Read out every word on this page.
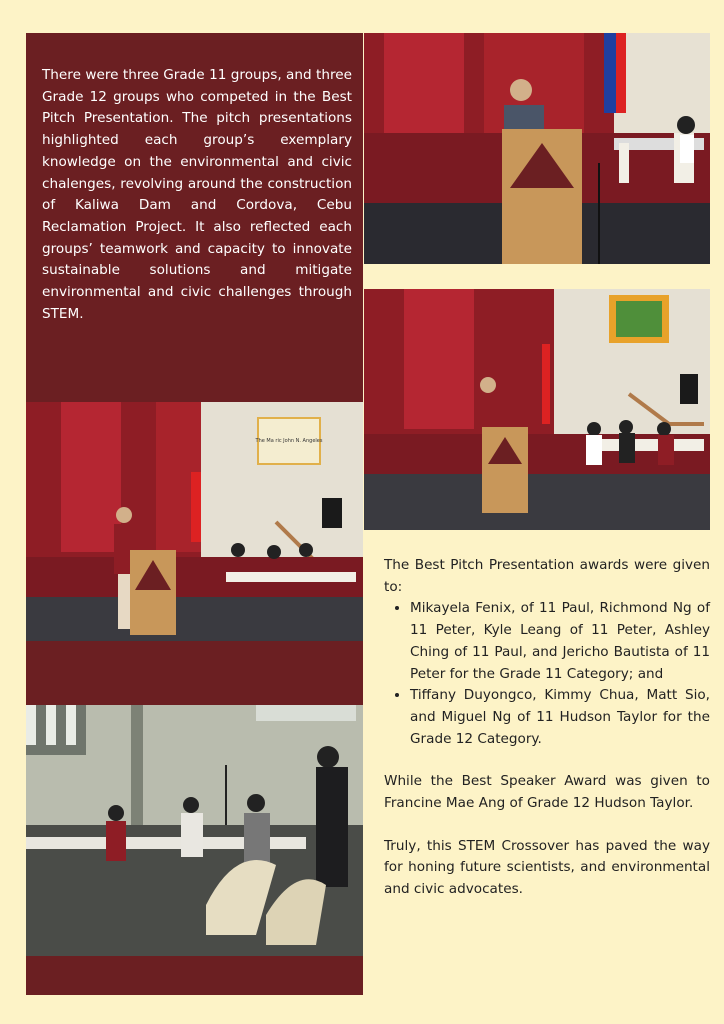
There were three Grade 11 groups, and three Grade 12 groups who competed in the Best Pitch Presentation. The pitch presentations highlighted each group’s exemplary knowledge on the environmental and civic chalenges, revolving around the construction of Kaliwa Dam and Cordova, Cebu Reclamation Project. It also reflected each groups’ teamwork and capacity to innovate sustainable solutions and mitigate environmental and civic challenges through STEM.

The Ma ric John N. Angeles

The Best Pitch Presentation awards were given to:

• Mikayela Fenix, of 11 Paul, Richmond Ng of 11 Peter, Kyle Leang of 11 Peter, Ashley Ching of 11 Paul, and Jericho Bautista of 11 Peter for the Grade 11 Category; and
• Tiffany Duyongco, Kimmy Chua, Matt Sio, and Miguel Ng of 11 Hudson Taylor for the Grade 12 Category.

While the Best Speaker Award was given to Francine Mae Ang of Grade 12 Hudson Taylor.

Truly, this STEM Crossover has paved the way for honing future scientists, and environmental and civic advocates.
